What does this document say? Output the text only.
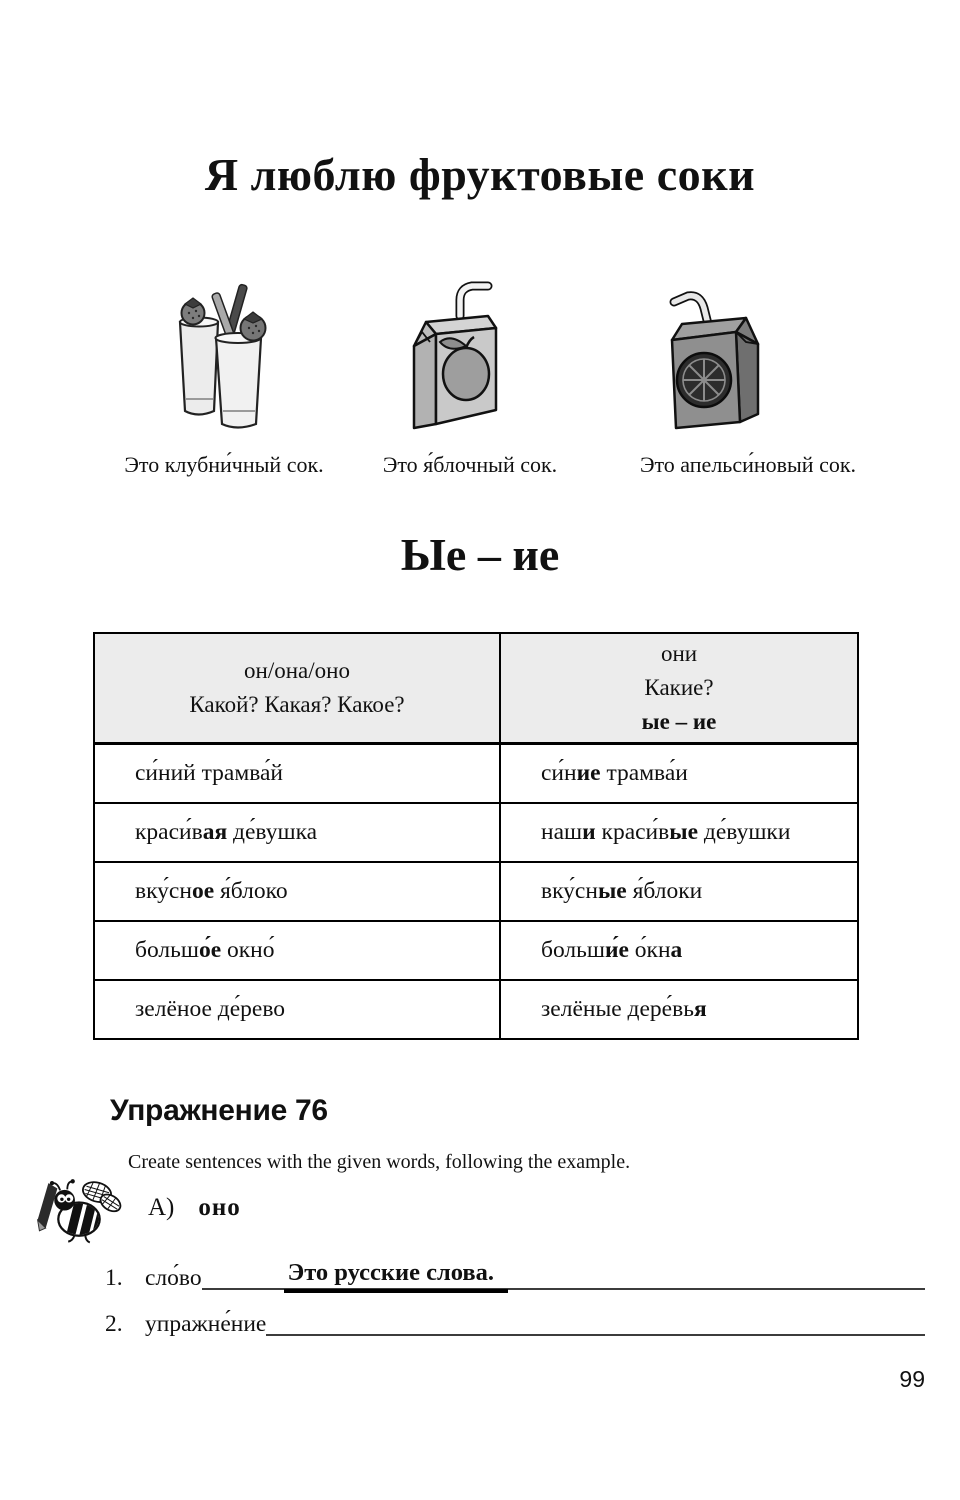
Я люблю фруктовые соки
Это клубни́чный сок.	Это я́блочный сок.	Это апельси́новый сок.
Ые – ие
он/она/оно
Какой? Какая? Какое?

они
Какие?
ые – ие

си́ний трамва́й	си́ние трамва́и
краси́вая де́вушка	наши краси́вые де́вушки
вку́сное я́блоко	вку́сные я́блоки
большо́е окно́	больши́е о́кна
зелёное де́рево	зелёные дере́вья
Упражнение 76
Create sentences with the given words, following the example.
А) оно
1. сло́во	Это русские слова.
2. упражне́ние
99
